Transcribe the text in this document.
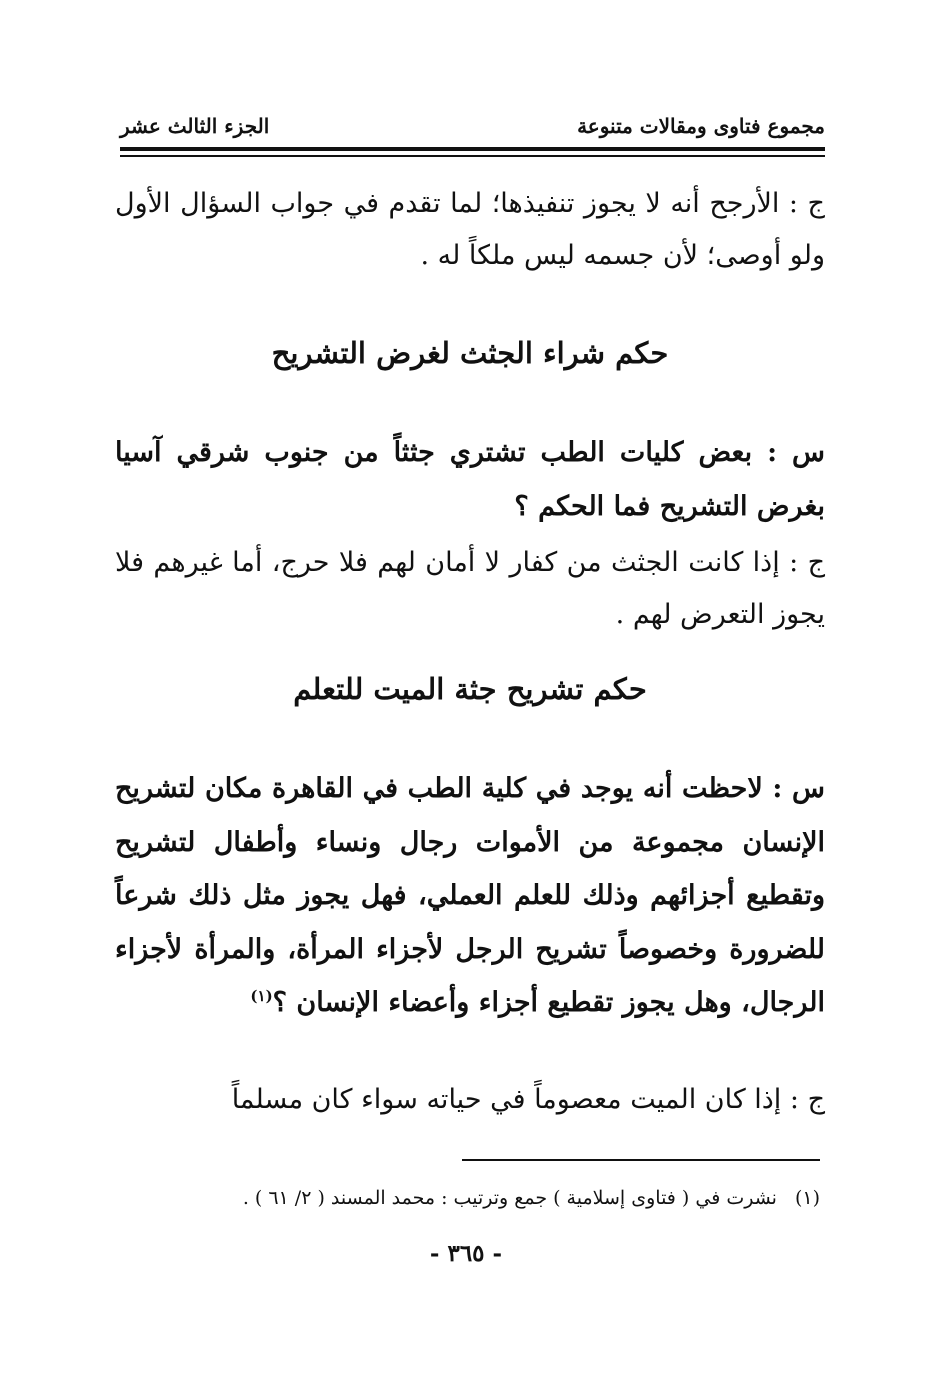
مجموع فتاوى ومقالات متنوعة
الجزء الثالث عشر

ج : الأرجح أنه لا يجوز تنفيذها؛ لما تقدم في جواب السؤال الأول ولو أوصى؛ لأن جسمه ليس ملكاً له .

حكم شراء الجثث لغرض التشريح

س : بعض كليات الطب تشتري جثثاً من جنوب شرقي آسيا بغرض التشريح فما الحكم ؟

ج : إذا كانت الجثث من كفار لا أمان لهم فلا حرج، أما غيرهم فلا يجوز التعرض لهم .

حكم تشريح جثة الميت للتعلم

س : لاحظت أنه يوجد في كلية الطب في القاهرة مكان لتشريح الإنسان مجموعة من الأموات رجال ونساء وأطفال لتشريح وتقطيع أجزائهم وذلك للعلم العملي، فهل يجوز مثل ذلك شرعاً للضرورة وخصوصاً تشريح الرجل لأجزاء المرأة، والمرأة لأجزاء الرجال، وهل يجوز تقطيع أجزاء وأعضاء الإنسان ؟$^{(١)}$

ج : إذا كان الميت معصوماً في حياته سواء كان مسلماً

(١)نشرت في ( فتاوى إسلامية ) جمع وترتيب : محمد المسند ( ٢/ ٦١ ) .
- ٣٦٥ -
